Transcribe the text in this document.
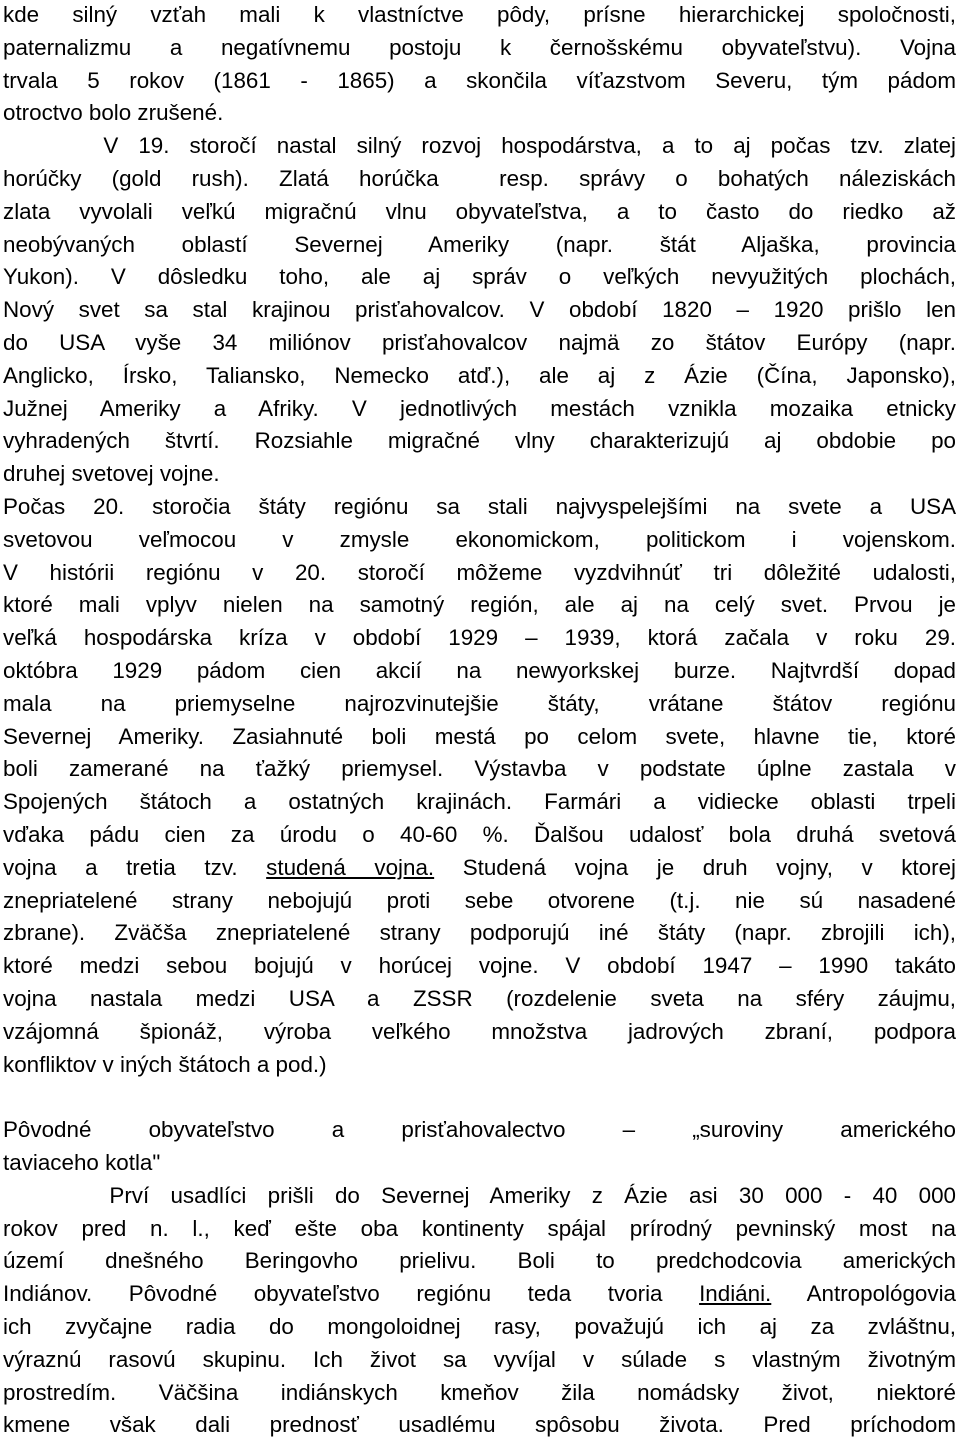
kde silný vzťah mali k vlastníctve pôdy, prísne hierarchickej spoločnosti,
paternalizmu a negatívnemu postoju k černošskému obyvateľstvu). Vojna
trvala 5 rokov (1861 - 1865) a skončila víťazstvom Severu, tým pádom
otroctvo bolo zrušené.
V 19. storočí nastal silný rozvoj hospodárstva, a to aj počas tzv. zlatej
horúčky (gold rush). Zlatá horúčka  resp. správy o bohatých náleziskách
zlata vyvolali veľkú migračnú vlnu obyvateľstva, a to často do riedko až
neobývaných oblastí Severnej Ameriky (napr. štát Aljaška, provincia
Yukon). V dôsledku toho, ale aj správ o veľkých nevyužitých plochách,
Nový svet sa stal krajinou prisťahovalcov. V období 1820 – 1920 prišlo len
do USA vyše 34 miliónov prisťahovalcov najmä zo štátov Európy (napr.
Anglicko, Írsko, Taliansko, Nemecko atď.), ale aj z Ázie (Čína, Japonsko),
Južnej Ameriky a Afriky. V jednotlivých mestách vznikla mozaika etnicky
vyhradených štvrtí. Rozsiahle migračné vlny charakterizujú aj obdobie po
druhej svetovej vojne.
Počas 20. storočia štáty regiónu sa stali najvyspelejšími na svete a USA
svetovou veľmocou v zmysle ekonomickom, politickom i vojenskom.
V histórii regiónu v 20. storočí môžeme vyzdvihnúť tri dôležité udalosti,
ktoré mali vplyv nielen na samotný región, ale aj na celý svet. Prvou je
veľká hospodárska kríza v období 1929 – 1939, ktorá začala v roku 29.
októbra 1929 pádom cien akcií na newyorkskej burze. Najtvrdší dopad
mala na priemyselne najrozvinutejšie štáty, vrátane štátov regiónu
Severnej Ameriky. Zasiahnuté boli mestá po celom svete, hlavne tie, ktoré
boli zamerané na ťažký priemysel. Výstavba v podstate úplne zastala v
Spojených štátoch a ostatných krajinách. Farmári a vidiecke oblasti trpeli
vďaka pádu cien za úrodu o 40-60 %. Ďalšou udalosť bola druhá svetová
vojna a tretia tzv. studená vojna. Studená vojna je druh vojny, v ktorej
znepriatelené strany nebojujú proti sebe otvorene (t.j. nie sú nasadené
zbrane). Zväčša znepriatelené strany podporujú iné štáty (napr. zbrojili ich),
ktoré medzi sebou bojujú v horúcej vojne. V období 1947 – 1990 takáto
vojna nastala medzi USA a ZSSR (rozdelenie sveta na sféry záujmu,
vzájomná špionáž, výroba veľkého množstva jadrových zbraní, podpora
konfliktov v iných štátoch a pod.)
Pôvodné obyvateľstvo a prisťahovalectvo – „suroviny amerického
taviaceho kotla"
Prví usadlíci prišli do Severnej Ameriky z Ázie asi 30 000 - 40 000
rokov pred n. l., keď ešte oba kontinenty spájal prírodný pevninský most na
území dnešného Beringovho prielivu. Boli to predchodcovia amerických
Indiánov. Pôvodné obyvateľstvo regiónu teda tvoria Indiáni. Antropológovia
ich zvyčajne radia do mongoloidnej rasy, považujú ich aj za zvláštnu,
výraznú rasovú skupinu. Ich život sa vyvíjal v súlade s vlastným životným
prostredím. Väčšina indiánskych kmeňov žila nomádsky život, niektoré
kmene však dali prednosť usadlému spôsobu života. Pred príchodom
